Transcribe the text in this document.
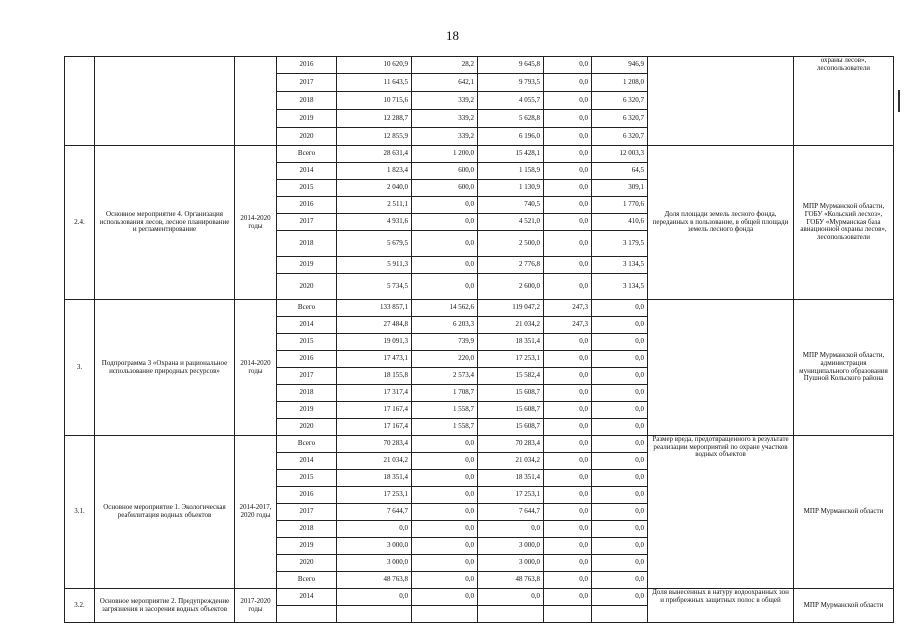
18
			2016	10 620,9	28,2	9 645,8	0,0	946,9		охраны лесов», лесопользователи
			2017	11 643,5	642,1	9 793,5	0,0	1 208,0		
			2018	10 715,6	339,2	4 055,7	0,0	6 320,7		
			2019	12 288,7	339,2	5 628,8	0,0	6 320,7		
			2020	12 855,9	339,2	6 196,0	0,0	6 320,7		
2.4.	Основное мероприятие 4. Организация использования лесов, лесное планирование и регламентирование	2014-2020 годы	Всего	28 631,4	1 200,0	15 428,1	0,0	12 003,3	Доля площади земель лесного фонда, переданных в пользование, в общей площади земель лесного фонда	МПР Мурманской области, ГОБУ «Кольский лесхоз», ГОБУ «Мурманская база авиационной охраны лесов», лесопользователи
			2014	1 823,4	600,0	1 158,9	0,0	64,5		
			2015	2 040,0	600,0	1 130,9	0,0	309,1		
			2016	2 511,1	0,0	740,5	0,0	1 770,6		
			2017	4 931,6	0,0	4 521,0	0,0	410,6		
			2018	5 679,5	0,0	2 500,0	0,0	3 179,5		
			2019	5 911,3	0,0	2 776,8	0,0	3 134,5		
			2020	5 734,5	0,0	2 600,0	0,0	3 134,5		
3.	Подпрограмма 3 «Охрана и рациональное использование природных ресурсов»	2014-2020 годы	Всего	133 857,1	14 562,6	119 047,2	247,3	0,0		МПР Мурманской области, администрация муниципального образования Пушной Кольского района
			2014	27 484,8	6 203,3	21 034,2	247,3	0,0		
			2015	19 091,3	739,9	18 351,4	0,0	0,0		
			2016	17 473,1	220,0	17 253,1	0,0	0,0		
			2017	18 155,8	2 573,4	15 582,4	0,0	0,0		
			2018	17 317,4	1 708,7	15 608,7	0,0	0,0		
			2019	17 167,4	1 558,7	15 608,7	0,0	0,0		
			2020	17 167,4	1 558,7	15 608,7	0,0	0,0		
3.1.	Основное мероприятие 1. Экологическая реабилитация водных объектов	2014-2017, 2020 годы	Всего	70 283,4	0,0	70 283,4	0,0	0,0	Размер вреда, предотвращенного в результате реализации мероприятий по охране участков водных объектов	МПР Мурманской области
			2014	21 034,2	0,0	21 034,2	0,0	0,0		
			2015	18 351,4	0,0	18 351,4	0,0	0,0		
			2016	17 253,1	0,0	17 253,1	0,0	0,0		
			2017	7 644,7	0,0	7 644,7	0,0	0,0		
			2018	0,0	0,0	0,0	0,0	0,0		
			2019	3 000,0	0,0	3 000,0	0,0	0,0		
			2020	3 000,0	0,0	3 000,0	0,0	0,0		
			Всего	48 763,8	0,0	48 763,8	0,0	0,0		
3.2.	Основное мероприятие 2. Предупреждение загрязнения и засорения водных объектов	2017-2020 годы	2014	0,0	0,0	0,0	0,0	0,0	Доля вынесенных в натуру водоохранных зон и прибрежных защитных полос в общей	МПР Мурманской области
